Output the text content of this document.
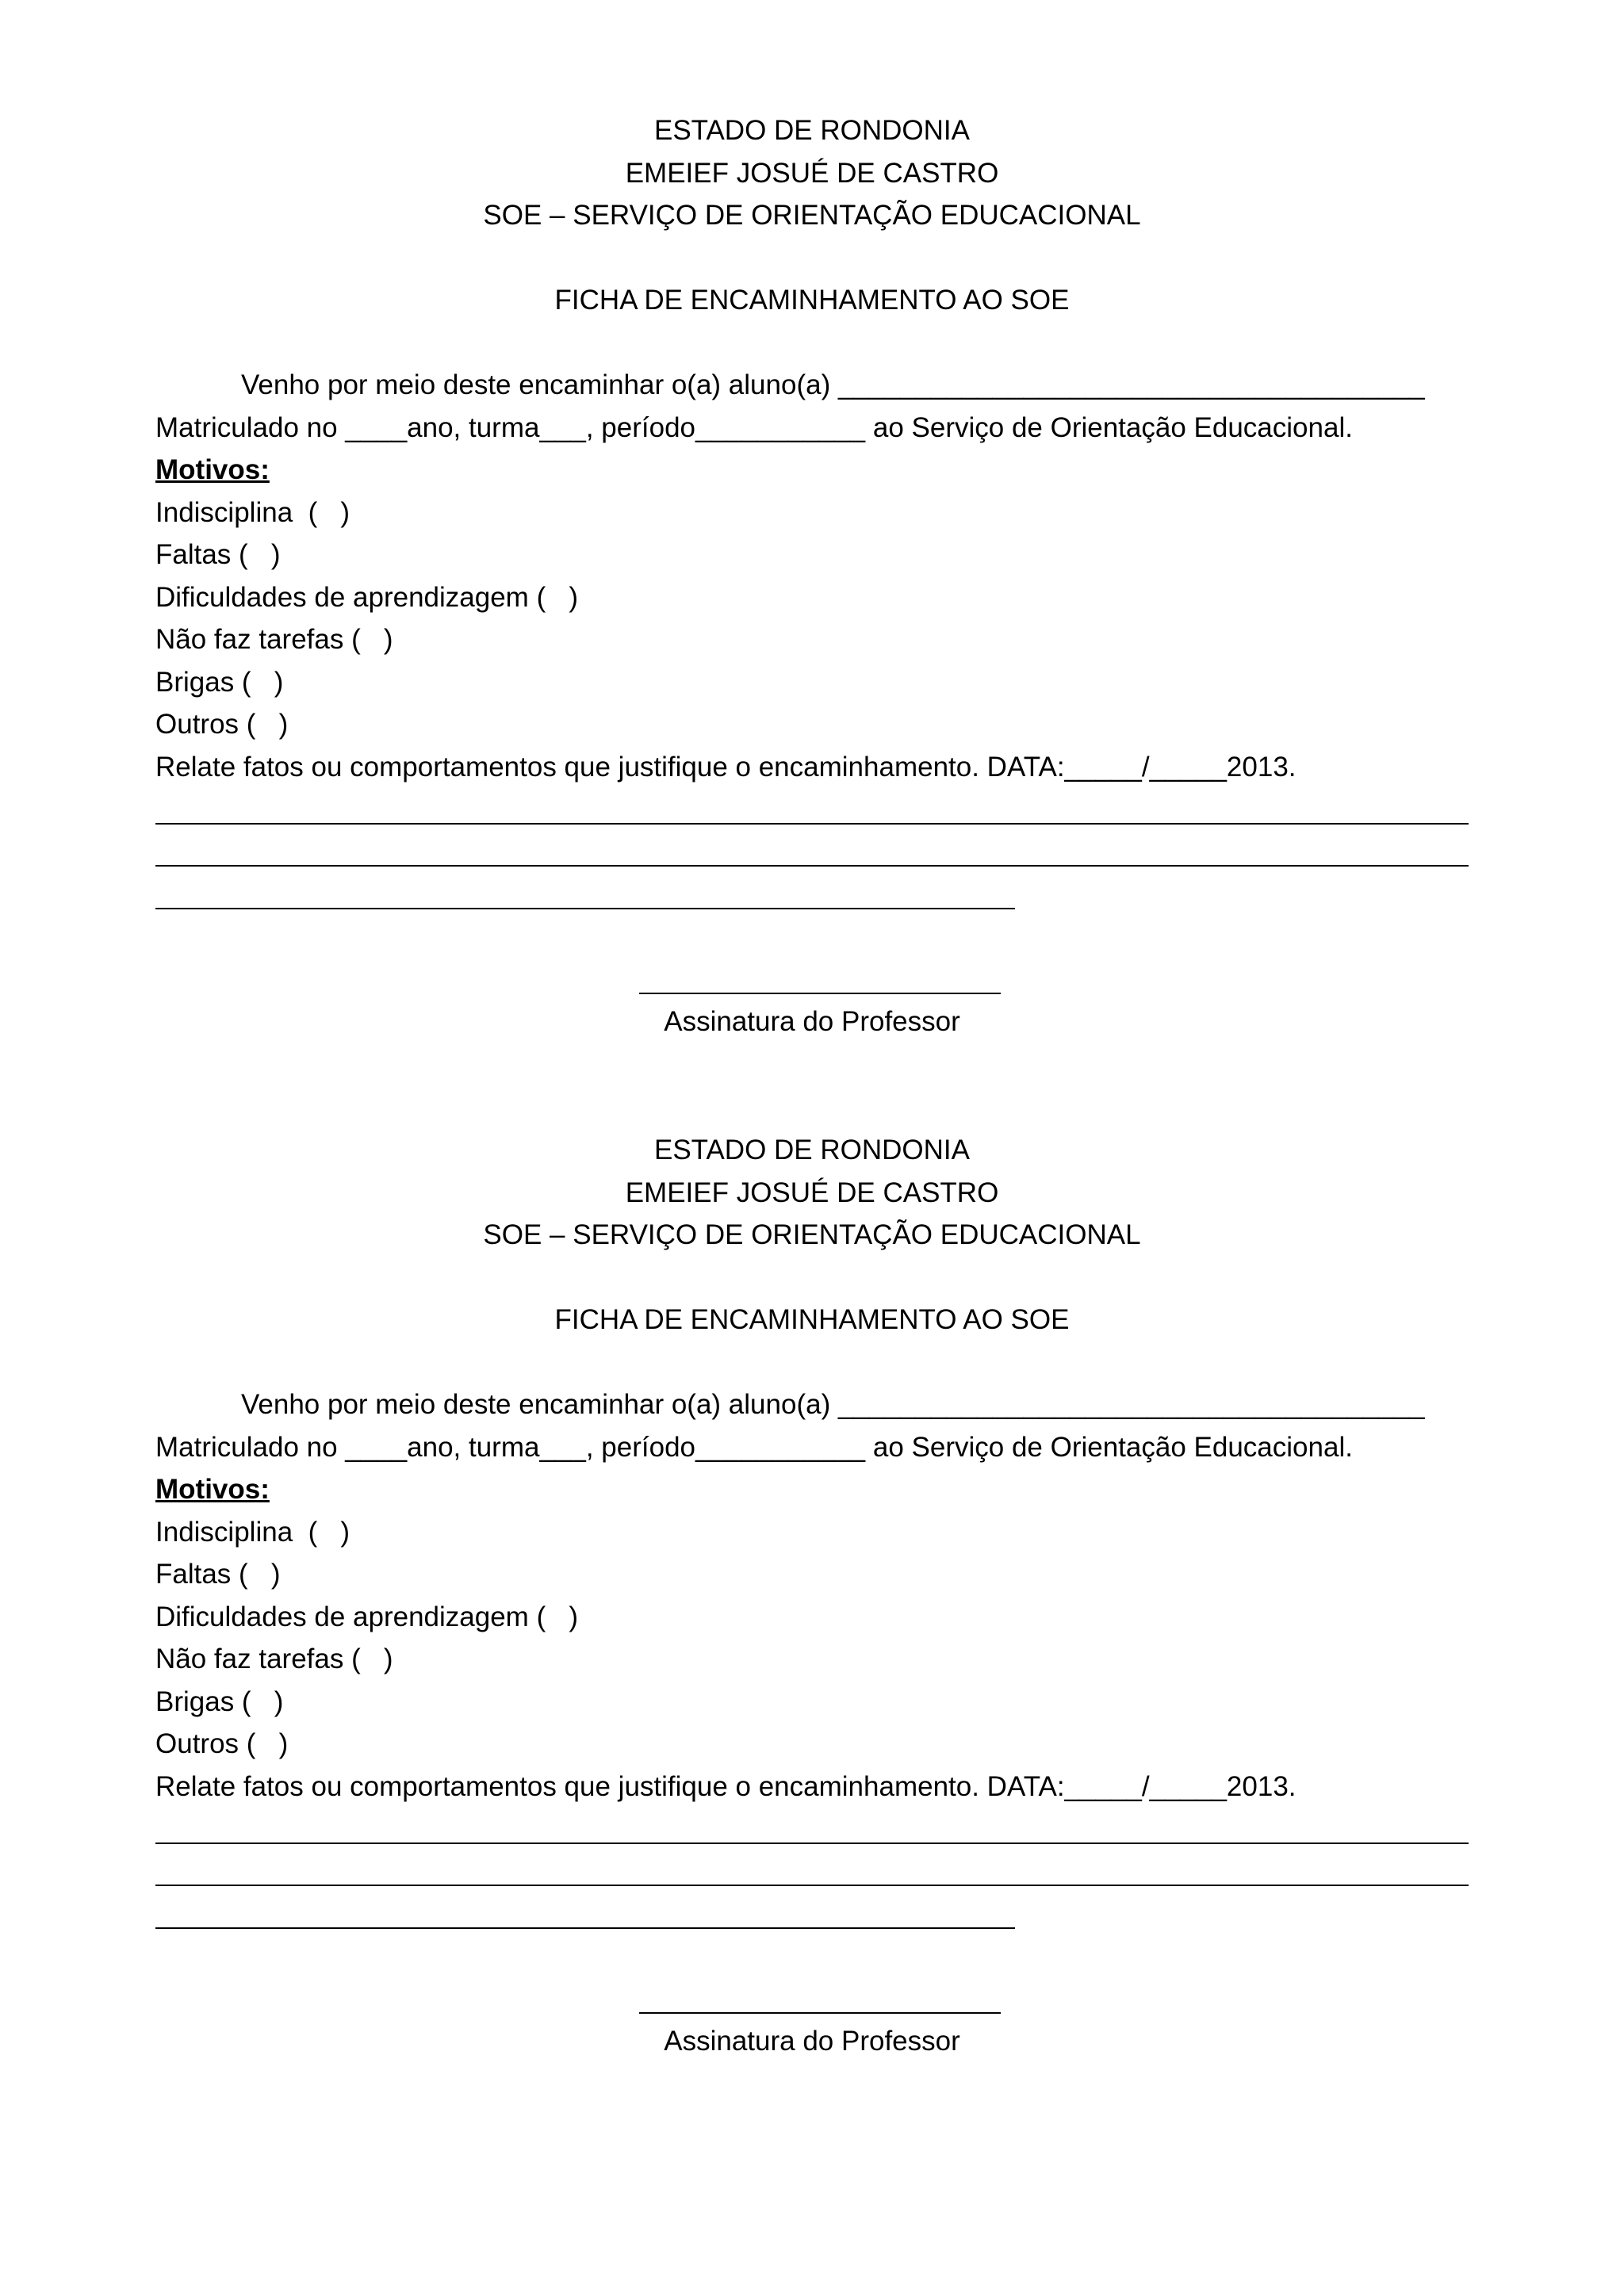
ESTADO DE RONDONIA

EMEIEF JOSUÉ DE CASTRO

SOE – SERVIÇO DE ORIENTAÇÃO EDUCACIONAL

FICHA DE ENCAMINHAMENTO AO SOE

Venho por meio deste encaminhar o(a) aluno(a) ______________________________________

Matriculado no ____ano, turma___, período___________ ao Serviço de Orientação Educacional.

Motivos:

Indisciplina  (   )

Faltas (   )

Dificuldades de aprendizagem (   )

Não faz tarefas (   )

Brigas (   )

Outros (   )

Relate fatos ou comportamentos que justifique o encaminhamento. DATA:_____/_____2013.

Assinatura do Professor

ESTADO DE RONDONIA

EMEIEF JOSUÉ DE CASTRO

SOE – SERVIÇO DE ORIENTAÇÃO EDUCACIONAL

FICHA DE ENCAMINHAMENTO AO SOE

Venho por meio deste encaminhar o(a) aluno(a) ______________________________________

Matriculado no ____ano, turma___, período___________ ao Serviço de Orientação Educacional.

Motivos:

Indisciplina  (   )

Faltas (   )

Dificuldades de aprendizagem (   )

Não faz tarefas (   )

Brigas (   )

Outros (   )

Relate fatos ou comportamentos que justifique o encaminhamento. DATA:_____/_____2013.

Assinatura do Professor
